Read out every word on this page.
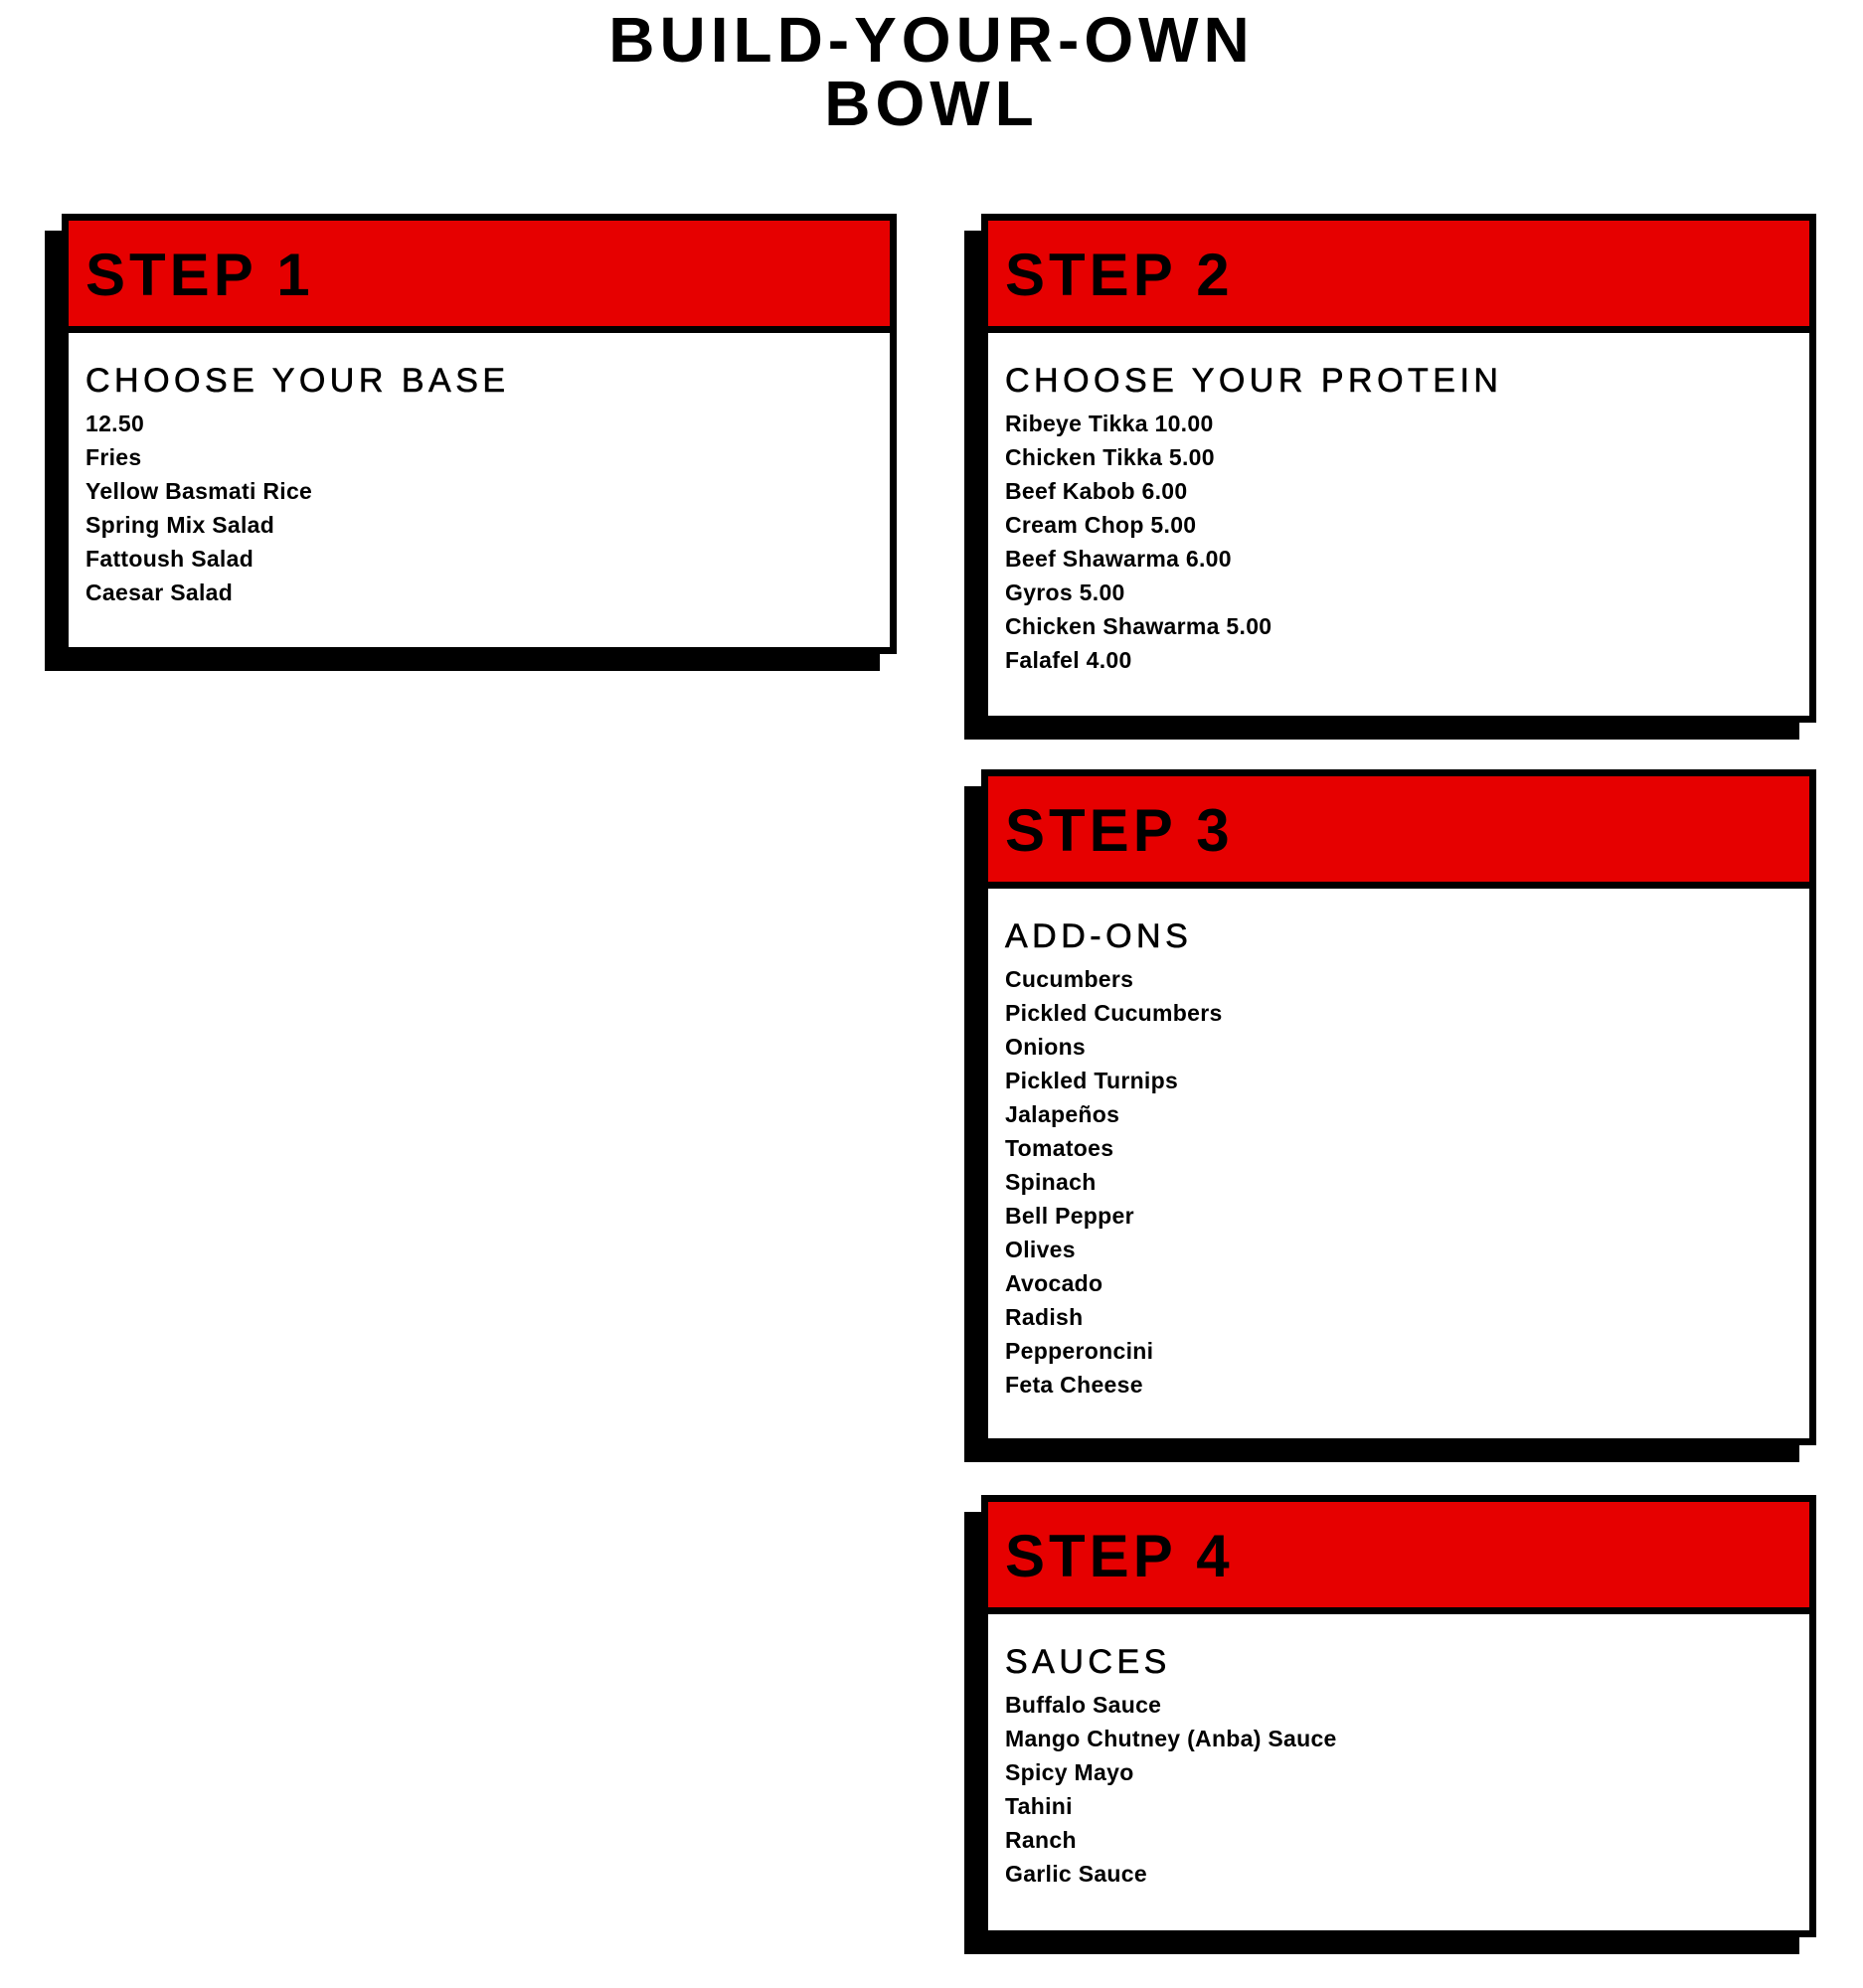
BUILD-YOUR-OWN
BOWL
STEP 1
CHOOSE YOUR BASE
12.50
Fries
Yellow Basmati Rice
Spring Mix Salad
Fattoush Salad
Caesar Salad
STEP 2
CHOOSE YOUR PROTEIN
Ribeye Tikka 10.00
Chicken Tikka 5.00
Beef Kabob 6.00
Cream Chop 5.00
Beef Shawarma 6.00
Gyros 5.00
Chicken Shawarma 5.00
Falafel 4.00
STEP 3
ADD-ONS
Cucumbers
Pickled Cucumbers
Onions
Pickled Turnips
Jalapeños
Tomatoes
Spinach
Bell Pepper
Olives
Avocado
Radish
Pepperoncini
Feta Cheese
STEP 4
SAUCES
Buffalo Sauce
Mango Chutney (Anba) Sauce
Spicy Mayo
Tahini
Ranch
Garlic Sauce
